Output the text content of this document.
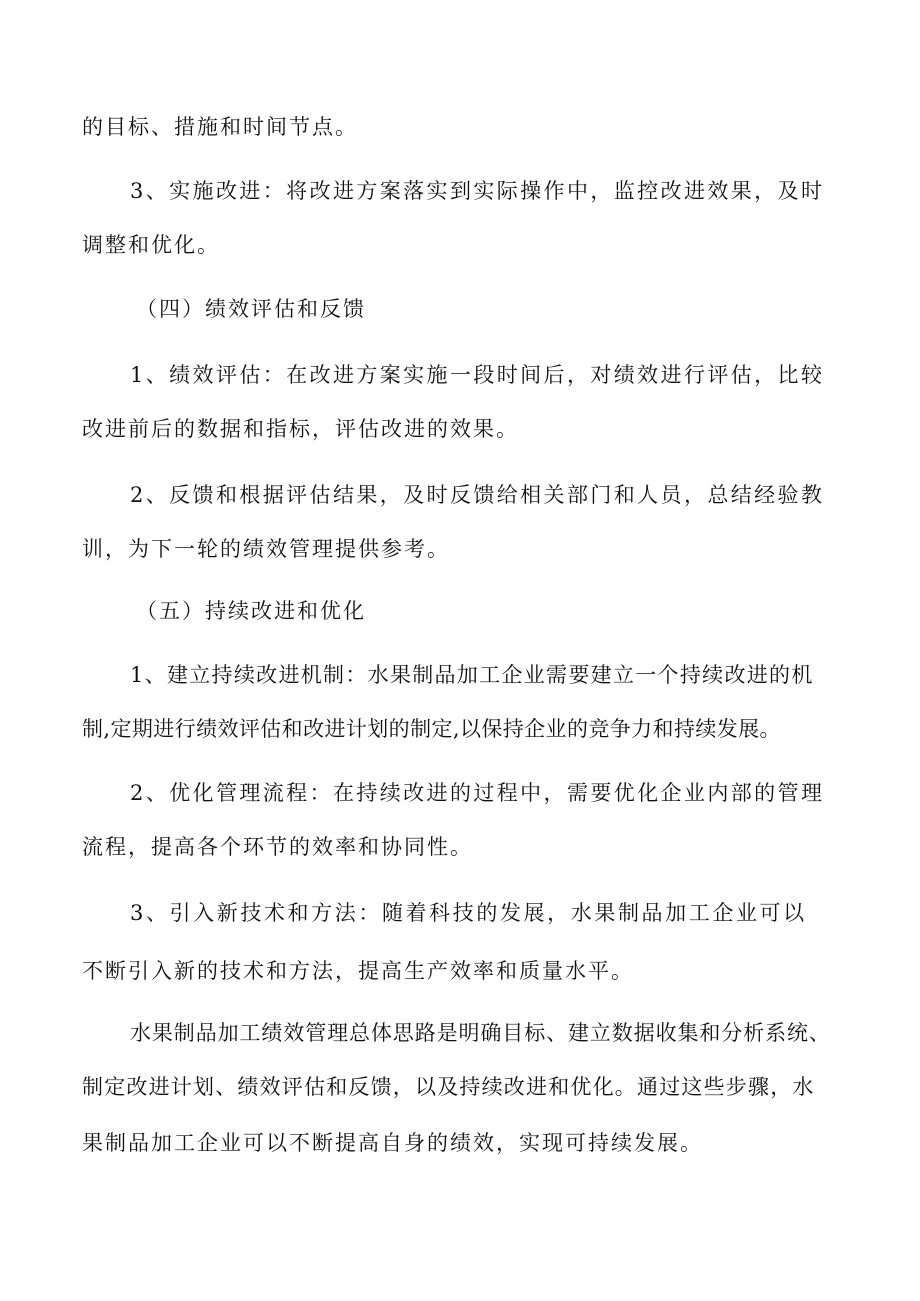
的目标、措施和时间节点。
3、实施改进：将改进方案落实到实际操作中，监控改进效果，及时
调整和优化。
（四）绩效评估和反馈
1、绩效评估：在改进方案实施一段时间后，对绩效进行评估，比较
改进前后的数据和指标，评估改进的效果。
2、反馈和根据评估结果，及时反馈给相关部门和人员，总结经验教
训，为下一轮的绩效管理提供参考。
（五）持续改进和优化
1、建立持续改进机制：水果制品加工企业需要建立一个持续改进的机
制,定期进行绩效评估和改进计划的制定,以保持企业的竞争力和持续发展。
2、优化管理流程：在持续改进的过程中，需要优化企业内部的管理
流程，提高各个环节的效率和协同性。
3、引入新技术和方法：随着科技的发展，水果制品加工企业可以
不断引入新的技术和方法，提高生产效率和质量水平。
水果制品加工绩效管理总体思路是明确目标、建立数据收集和分析系统、
制定改进计划、绩效评估和反馈，以及持续改进和优化。通过这些步骤，水
果制品加工企业可以不断提高自身的绩效，实现可持续发展。
